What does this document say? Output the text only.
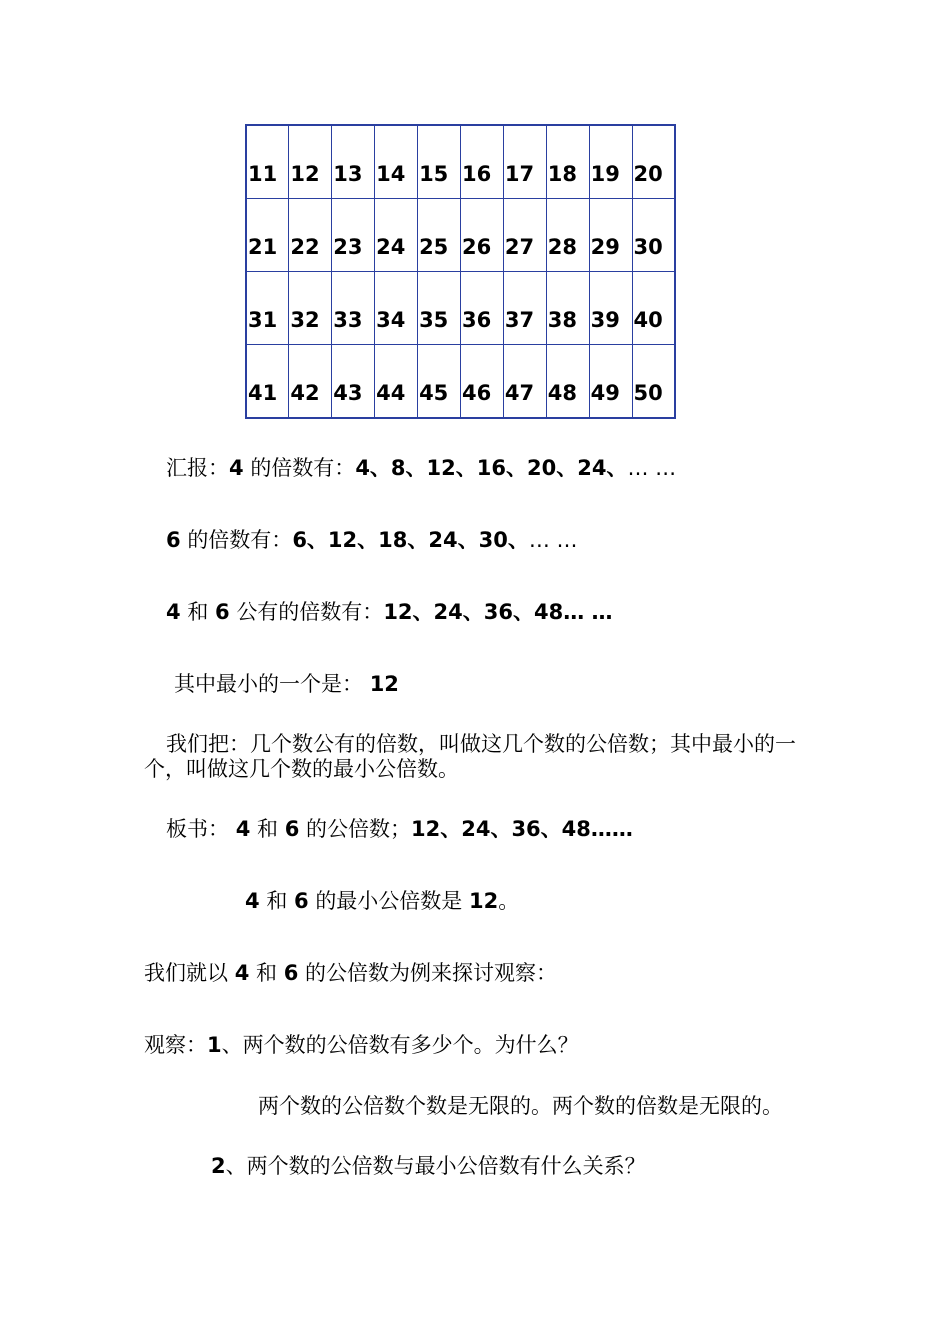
11	12	13	14	15	16	17	18	19	20

21	22	23	24	25	26	27	28	29	30

31	32	33	34	35	36	37	38	39	40

41	42	43	44	45	46	47	48	49	50
汇报：4 的倍数有：4、8、12、16、20、24、… …
6 的倍数有：6、12、18、24、30、… …
4 和 6 公有的倍数有：12、24、36、48… …
其中最小的一个是： 12
我们把：几个数公有的倍数，叫做这几个数的公倍数；其中最小的一个，叫做这几个数的最小公倍数。
板书： 4 和 6 的公倍数；12、24、36、48……
4 和 6 的最小公倍数是 12。
我们就以 4 和 6 的公倍数为例来探讨观察：
观察：1、两个数的公倍数有多少个。为什么？
两个数的公倍数个数是无限的。两个数的倍数是无限的。
2、两个数的公倍数与最小公倍数有什么关系？
